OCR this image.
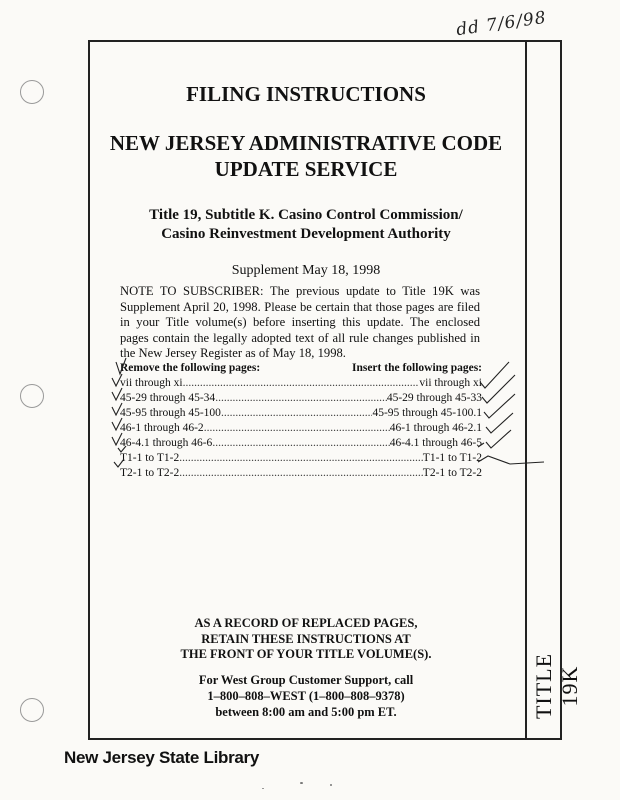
dd 7/6/98
TITLE 19K
FILING INSTRUCTIONS
NEW JERSEY ADMINISTRATIVE CODE
UPDATE SERVICE
Title 19, Subtitle K. Casino Control Commission/
Casino Reinvestment Development Authority
Supplement May 18, 1998
NOTE TO SUBSCRIBER: The previous update to Title 19K was Supplement April 20, 1998. Please be certain that those pages are filed in your Title volume(s) before inserting this update. The enclosed pages contain the legally adopted text of all rule changes published in the New Jersey Register as of May 18, 1998.
Remove the following pages:	Insert the following pages:
vii through xi .....	vii through xi
45-29 through 45-34 .....	45-29 through 45-33
45-95 through 45-100 .....	45-95 through 45-100.1
46-1 through 46-2 .....	46-1 through 46-2.1
46-4.1 through 46-6 .....	46-4.1 through 46-5
T1-1 to T1-2 .....	T1-1 to T1-2
T2-1 to T2-2 .....	T2-1 to T2-2
AS A RECORD OF REPLACED PAGES,
RETAIN THESE INSTRUCTIONS AT
THE FRONT OF YOUR TITLE VOLUME(S).
For West Group Customer Support, call
1–800–808–WEST (1–800–808–9378)
between 8:00 am and 5:00 pm ET.
New Jersey State Library
